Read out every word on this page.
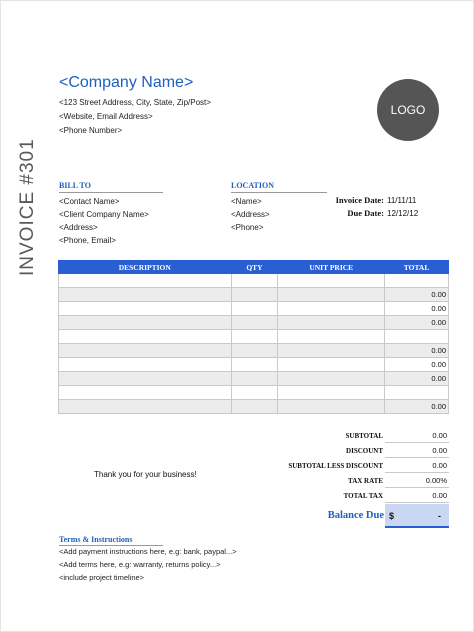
INVOICE #301
<Company Name>
<123 Street Address, City, State, Zip/Post>
<Website, Email Address>
<Phone Number>
LOGO
BILL TO
<Contact Name>
<Client Company Name>
<Address>
<Phone, Email>
LOCATION
<Name>
<Address>
<Phone>
Invoice Date: 11/11/11
Due Date: 12/12/12
DESCRIPTION	QTY	UNIT PRICE	TOTAL

			0.00
			0.00
			0.00

			0.00
			0.00
			0.00

			0.00
SUBTOTAL	0.00
DISCOUNT	0.00
SUBTOTAL LESS DISCOUNT	0.00
TAX RATE	0.00%
TOTAL TAX	0.00
Thank you for your business!
Balance Due $	-
Terms & Instructions
<Add payment instructions here, e.g: bank, paypal...>
<Add terms here, e.g: warranty, returns policy...>
<include project timeline>
